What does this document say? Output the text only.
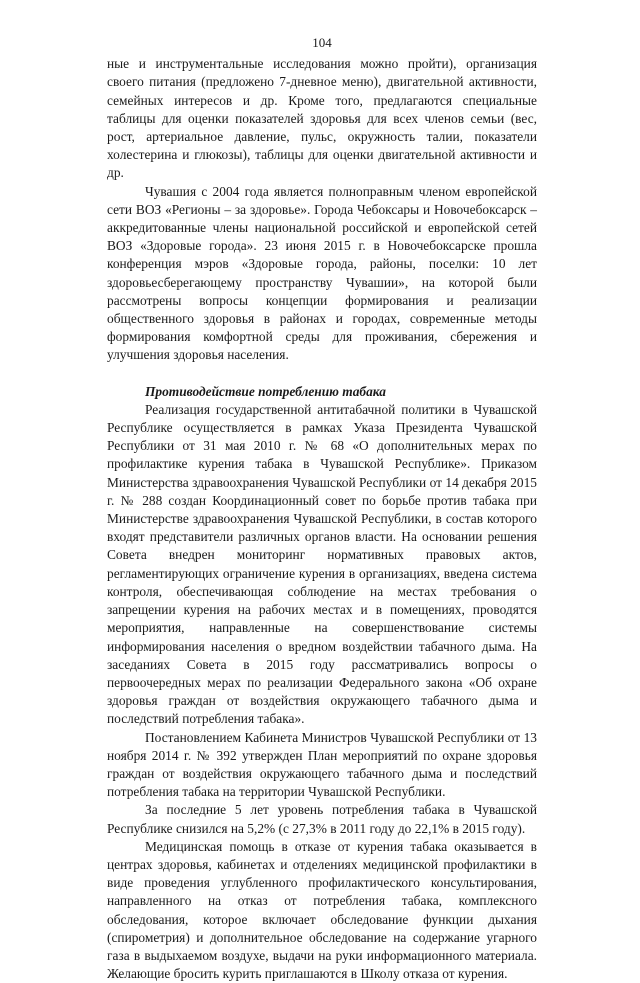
104

ные и инструментальные исследования можно пройти), организация своего питания (предложено 7-дневное меню), двигательной активности, семейных интересов и др. Кроме того, предлагаются специальные таблицы для оценки показателей здоровья для всех членов семьи (вес, рост, артериальное давление, пульс, окружность талии, показатели холестерина и глюкозы), таблицы для оценки двигательной активности и др.

Чувашия с 2004 года является полноправным членом европейской сети ВОЗ «Регионы – за здоровье». Города Чебоксары и Новочебоксарск – аккредитованные члены национальной российской и европейской сетей ВОЗ «Здоровые города». 23 июня 2015 г. в Новочебоксарске прошла конференция мэров «Здоровые города, районы, поселки: 10 лет здоровьесберегающему пространству Чувашии», на которой были рассмотрены вопросы концепции формирования и реализации общественного здоровья в районах и городах, современные методы формирования комфортной среды для проживания, сбережения и улучшения здоровья населения.

Противодействие потреблению табака

Реализация государственной антитабачной политики в Чувашской Республике осуществляется в рамках Указа Президента Чувашской Республики от 31 мая 2010 г. № 68 «О дополнительных мерах по профилактике курения табака в Чувашской Республике». Приказом Министерства здравоохранения Чувашской Республики от 14 декабря 2015 г. № 288 создан Координационный совет по борьбе против табака при Министерстве здравоохранения Чувашской Республики, в состав которого входят представители различных органов власти. На основании решения Совета внедрен мониторинг нормативных правовых актов, регламентирующих ограничение курения в организациях, введена система контроля, обеспечивающая соблюдение на местах требования о запрещении курения на рабочих местах и в помещениях, проводятся мероприятия, направленные на совершенствование системы информирования населения о вредном воздействии табачного дыма. На заседаниях Совета в 2015 году рассматривались вопросы о первоочередных мерах по реализации Федерального закона «Об охране здоровья граждан от воздействия окружающего табачного дыма и последствий потребления табака».

Постановлением Кабинета Министров Чувашской Республики от 13 ноября 2014 г. № 392 утвержден План мероприятий по охране здоровья граждан от воздействия окружающего табачного дыма и последствий потребления табака на территории Чувашской Республики.

За последние 5 лет уровень потребления табака в Чувашской Республике снизился на 5,2% (с 27,3% в 2011 году до 22,1% в 2015 году).

Медицинская помощь в отказе от курения табака оказывается в центрах здоровья, кабинетах и отделениях медицинской профилактики в виде проведения углубленного профилактического консультирования, направленного на отказ от потребления табака, комплексного обследования, которое включает обследование функции дыхания (спирометрия) и дополнительное обследование на содержание угарного газа в выдыхаемом воздухе, выдачи на руки информационного материала. Желающие бросить курить приглашаются в Школу отказа от курения.
